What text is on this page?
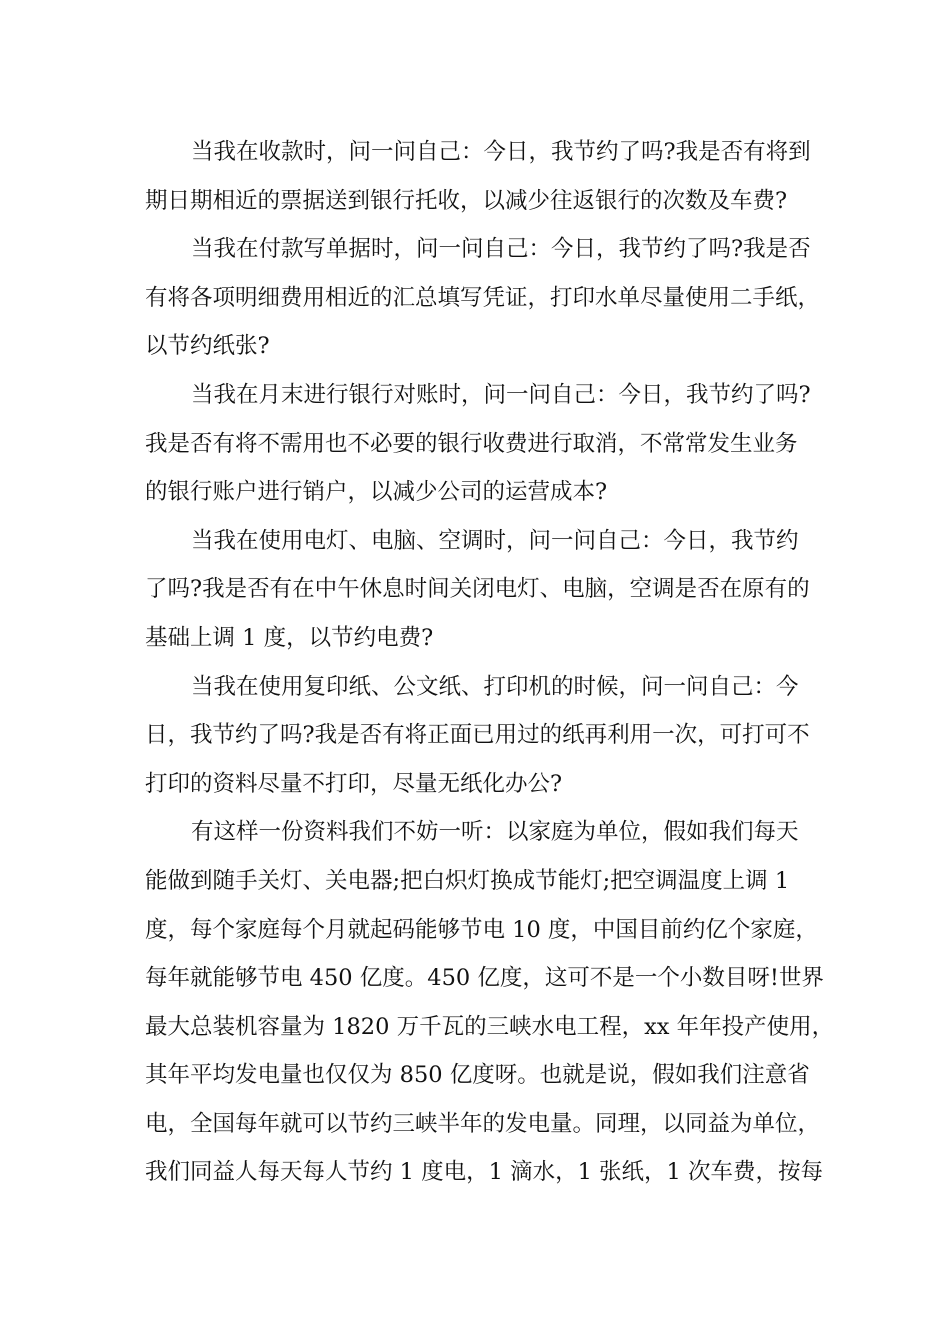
当我在收款时，问一问自己：今日，我节约了吗?我是否有将到
期日期相近的票据送到银行托收，以减少往返银行的次数及车费?
当我在付款写单据时，问一问自己：今日，我节约了吗?我是否
有将各项明细费用相近的汇总填写凭证，打印水单尽量使用二手纸，
以节约纸张?
当我在月末进行银行对账时，问一问自己：今日，我节约了吗?
我是否有将不需用也不必要的银行收费进行取消，不常常发生业务
的银行账户进行销户，以减少公司的运营成本?
当我在使用电灯、电脑、空调时，问一问自己：今日，我节约
了吗?我是否有在中午休息时间关闭电灯、电脑，空调是否在原有的
基础上调 1 度，以节约电费?
当我在使用复印纸、公文纸、打印机的时候，问一问自己：今
日，我节约了吗?我是否有将正面已用过的纸再利用一次，可打可不
打印的资料尽量不打印，尽量无纸化办公?
有这样一份资料我们不妨一听：以家庭为单位，假如我们每天
能做到随手关灯、关电器;把白炽灯换成节能灯;把空调温度上调 1
度，每个家庭每个月就起码能够节电 10 度，中国目前约亿个家庭，
每年就能够节电 450 亿度。450 亿度，这可不是一个小数目呀!世界
最大总装机容量为 1820 万千瓦的三峡水电工程，xx 年年投产使用，
其年平均发电量也仅仅为 850 亿度呀。也就是说，假如我们注意省
电，全国每年就可以节约三峡半年的发电量。同理，以同益为单位，
我们同益人每天每人节约 1 度电，1 滴水，1 张纸，1 次车费，按每
